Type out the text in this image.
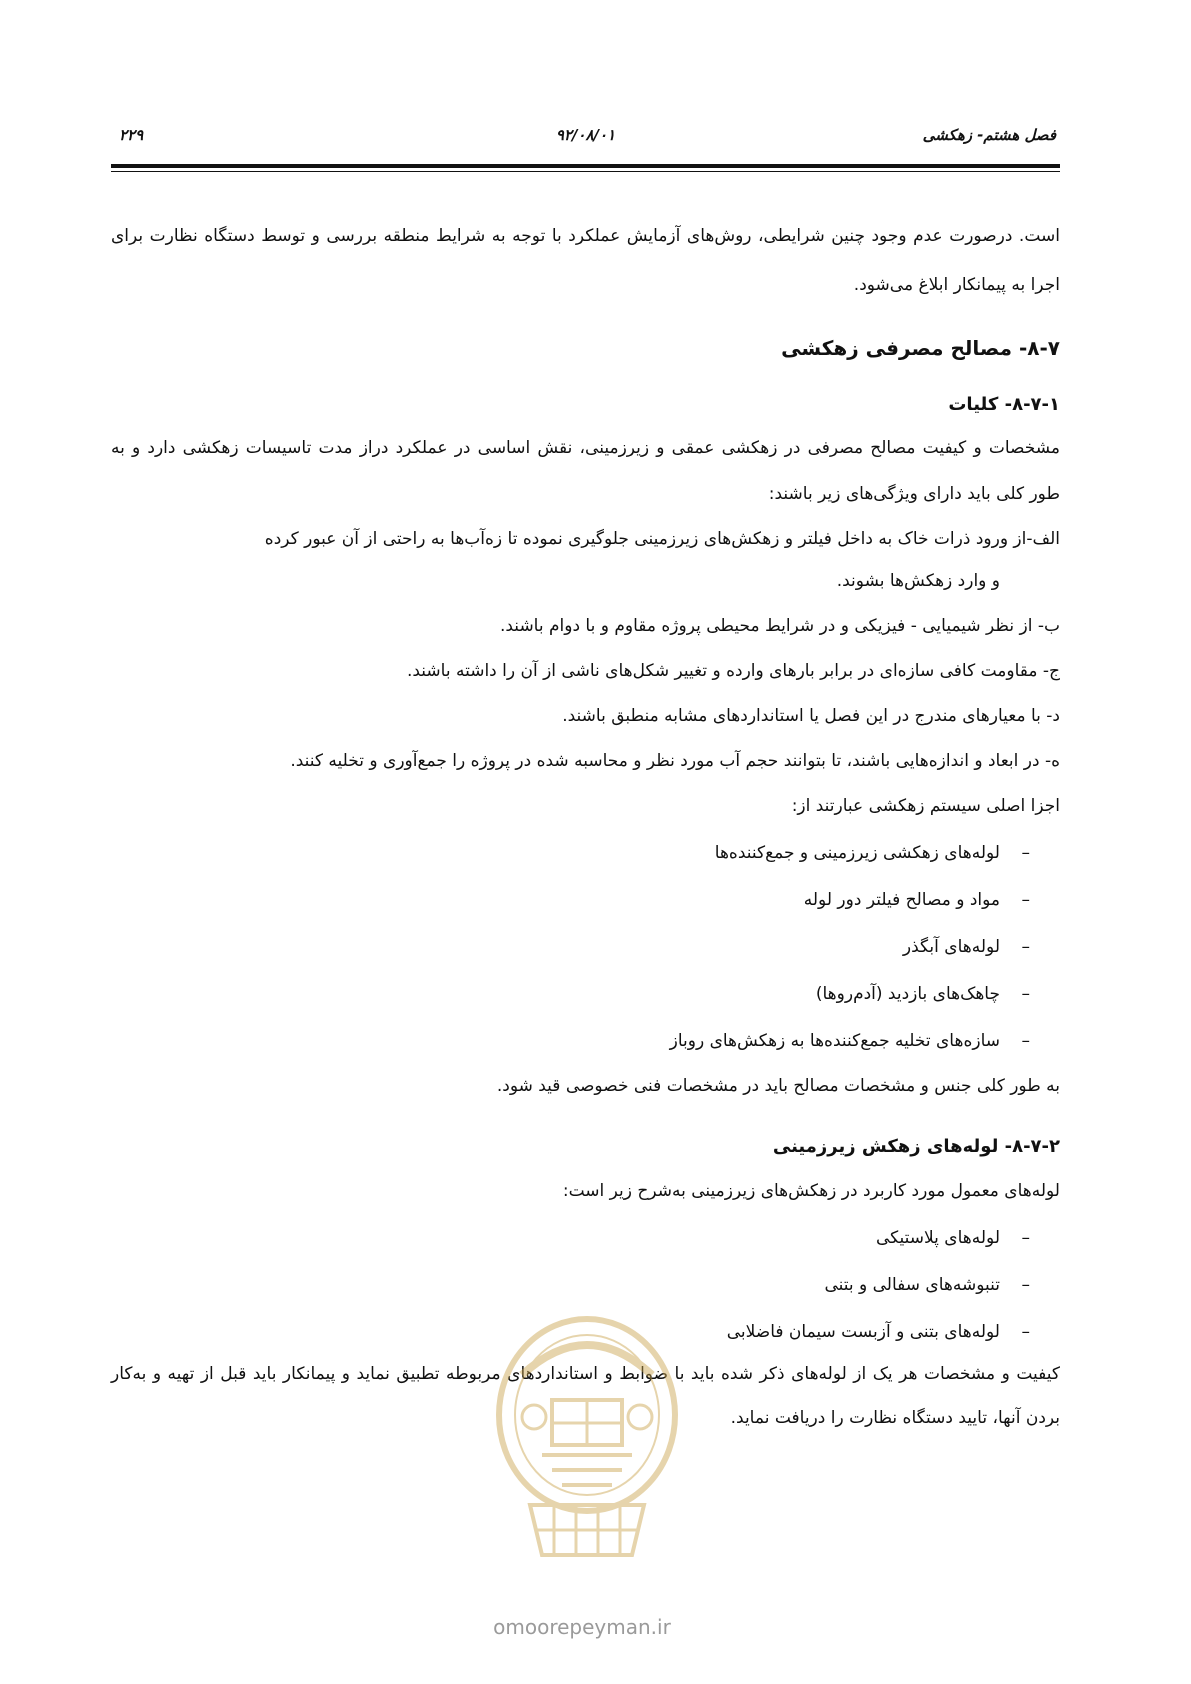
۲۲۹	۹۲/۰۸/۰۱	فصل هشتم- زهکشی

است. درصورت عدم وجود چنین شرایطی، روش‌های آزمایش عملکرد با توجه به شرایط منطقه بررسی و توسط دستگاه نظارت برای اجرا به پیمانکار ابلاغ می‌شود.

۸-۷- مصالح مصرفی زهکشی

۸-۷-۱- کلیات

مشخصات و کیفیت مصالح مصرفی در زهکشی عمقی و زیرزمینی، نقش اساسی در عملکرد دراز مدت تاسیسات زهکشی دارد و به طور کلی باید دارای ویژگی‌های زیر باشند:

الف-از ورود ذرات خاک به داخل فیلتر و زهکش‌های زیرزمینی جلوگیری نموده تا زه‌آب‌ها به راحتی از آن عبور کرده

و وارد زهکش‌ها بشوند.

ب- از نظر شیمیایی - فیزیکی و در شرایط محیطی پروژه مقاوم و با دوام باشند.

ج- مقاومت کافی سازه‌ای در برابر بارهای وارده و تغییر شکل‌های ناشی از آن را داشته باشند.

د- با معیارهای مندرج در این فصل یا استانداردهای مشابه منطبق باشند.

ه- در ابعاد و اندازه‌هایی باشند، تا بتوانند حجم آب مورد نظر و محاسبه شده در پروژه را جمع‌آوری و تخلیه کنند.

اجزا اصلی سیستم زهکشی عبارتند از:

–لوله‌های زهکشی زیرزمینی و جمع‌کننده‌ها

–مواد و مصالح فیلتر دور لوله

–لوله‌های آبگذر

–چاهک‌های بازدید (آدم‌روها)

–سازه‌های تخلیه جمع‌کننده‌ها به زهکش‌های روباز

به طور کلی جنس و مشخصات مصالح باید در مشخصات فنی خصوصی قید شود.

۸-۷-۲- لوله‌های زهکش زیرزمینی

لوله‌های معمول مورد کاربرد در زهکش‌های زیرزمینی به‌شرح زیر است:

–لوله‌های پلاستیکی

–تنبوشه‌های سفالی و بتنی

–لوله‌های بتنی و آزبست سیمان فاضلابی

کیفیت و مشخصات هر یک از لوله‌های ذکر شده باید با ضوابط و استانداردهای مربوطه تطبیق نماید و پیمانکار باید قبل از تهیه و به‌کار بردن آنها، تایید دستگاه نظارت را دریافت نماید.

omoorepeyman.ir
